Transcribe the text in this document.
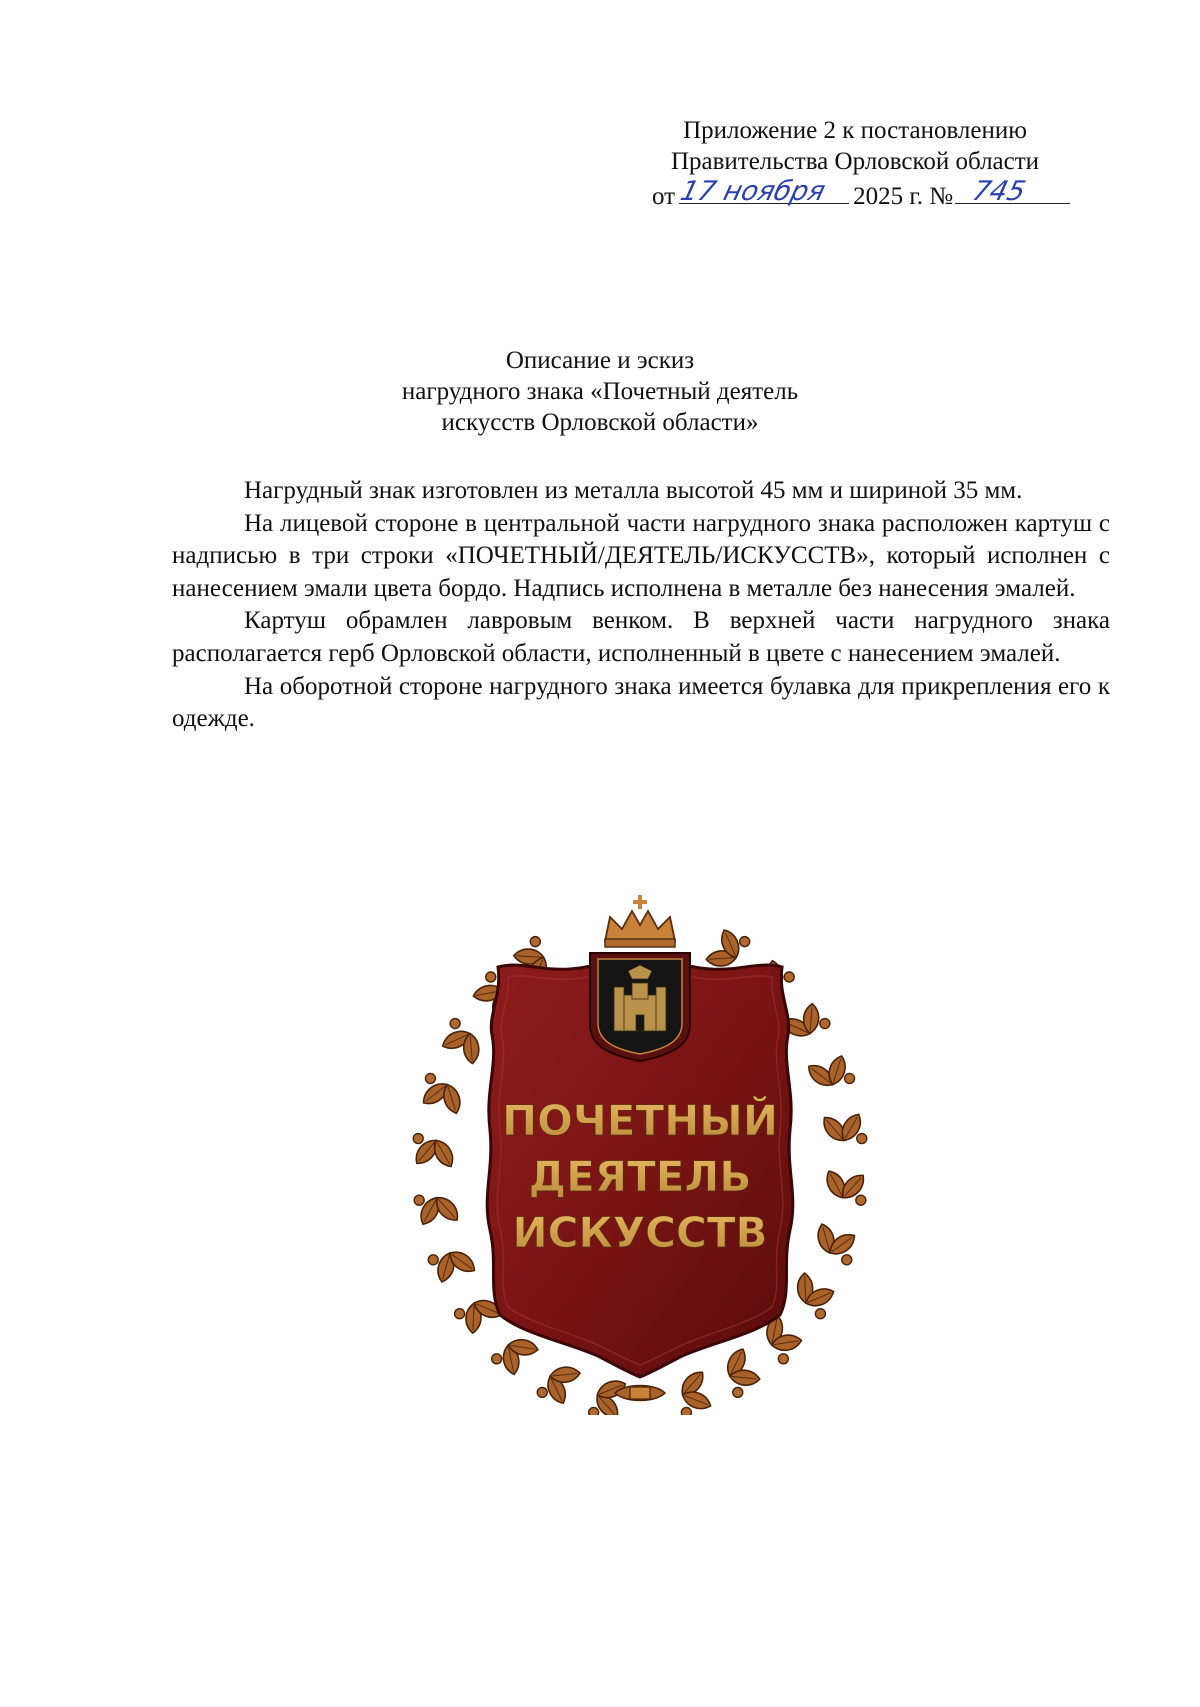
Приложение 2 к постановлению
Правительства Орловской области
от 17 ноября 2025 г. № 745
Описание и эскиз
нагрудного знака «Почетный деятель
искусств Орловской области»

Нагрудный знак изготовлен из металла высотой 45 мм и шириной 35 мм.

На лицевой стороне в центральной части нагрудного знака расположен картуш с надписью в три строки «ПОЧЕТНЫЙ/ДЕЯТЕЛЬ/ИСКУССТВ», который исполнен с нанесением эмали цвета бордо. Надпись исполнена в металле без нанесения эмалей.

Картуш обрамлен лавровым венком. В верхней части нагрудного знака располагается герб Орловской области, исполненный в цвете с нанесением эмалей.

На оборотной стороне нагрудного знака имеется булавка для прикрепления его к одежде.

ПОЧЕТНЫЙ
ДЕЯТЕЛЬ
ИСКУССТВ
